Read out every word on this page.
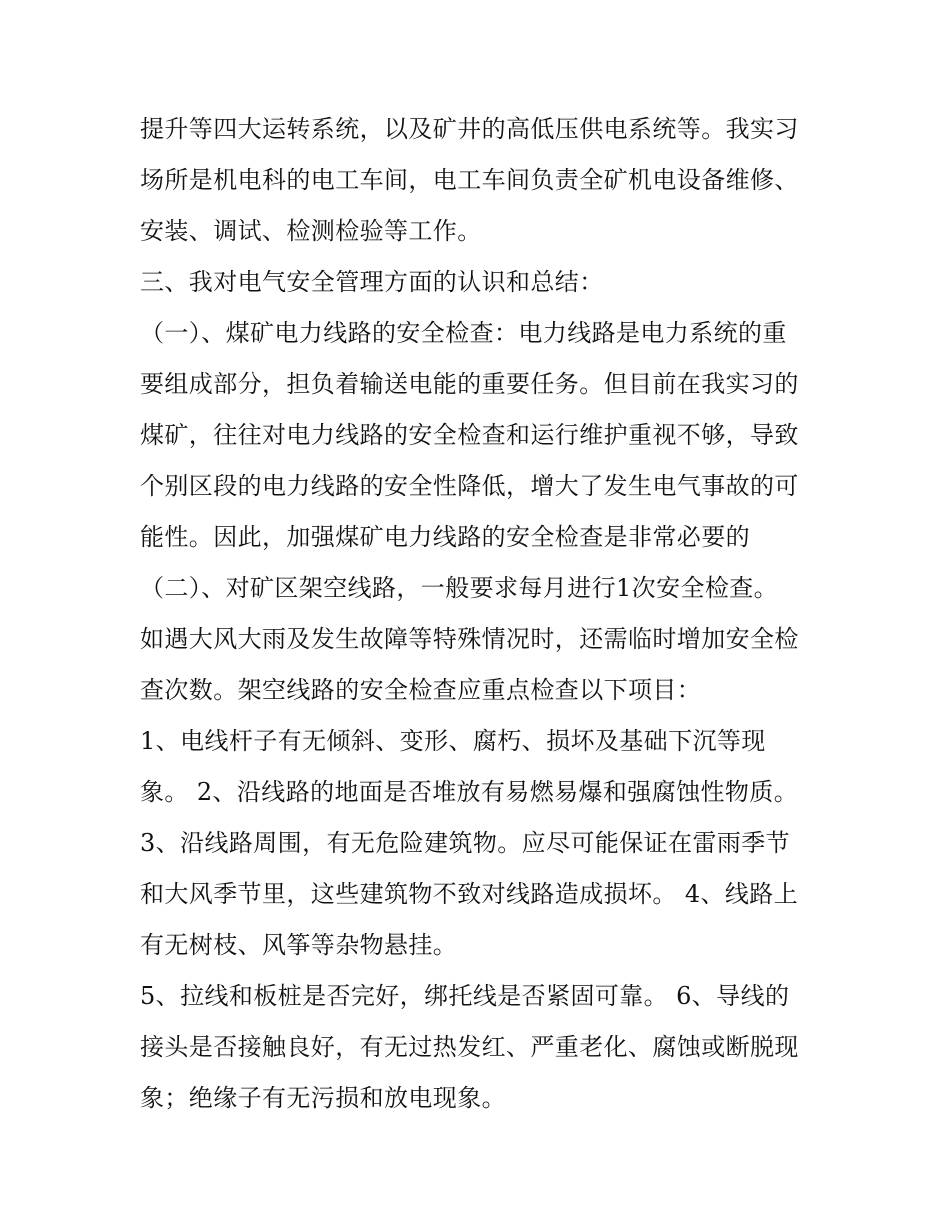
提升等四大运转系统，以及矿井的高低压供电系统等。我实习
场所是机电科的电工车间，电工车间负责全矿机电设备维修、
安装、调试、检测检验等工作。
三、我对电气安全管理方面的认识和总结：
（一）、煤矿电力线路的安全检查：电力线路是电力系统的重
要组成部分，担负着输送电能的重要任务。但目前在我实习的
煤矿，往往对电力线路的安全检查和运行维护重视不够，导致
个别区段的电力线路的安全性降低，增大了发生电气事故的可
能性。因此，加强煤矿电力线路的安全检查是非常必要的
（二）、对矿区架空线路，一般要求每月进行1次安全检查。
如遇大风大雨及发生故障等特殊情况时，还需临时增加安全检
查次数。架空线路的安全检查应重点检查以下项目：
1、电线杆子有无倾斜、变形、腐朽、损坏及基础下沉等现
象。 2、沿线路的地面是否堆放有易燃易爆和强腐蚀性物质。
3、沿线路周围，有无危险建筑物。应尽可能保证在雷雨季节
和大风季节里，这些建筑物不致对线路造成损坏。 4、线路上
有无树枝、风筝等杂物悬挂。
5、拉线和板桩是否完好，绑托线是否紧固可靠。 6、导线的
接头是否接触良好，有无过热发红、严重老化、腐蚀或断脱现
象；绝缘子有无污损和放电现象。
